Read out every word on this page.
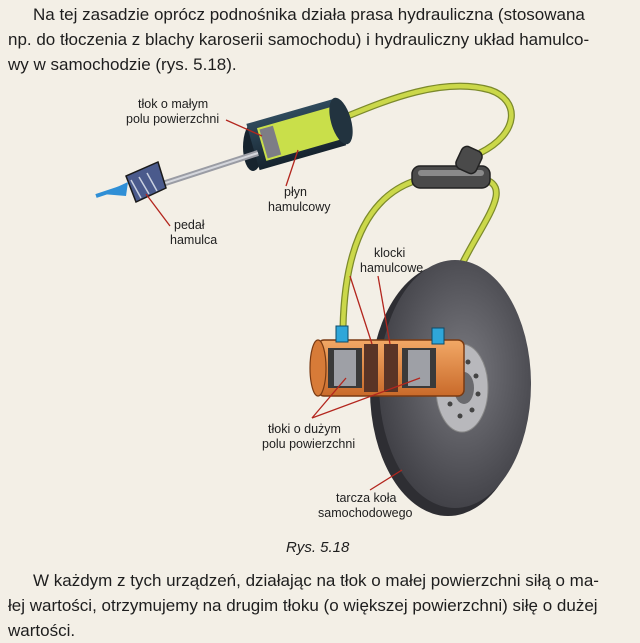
Na tej zasadzie oprócz podnośnika działa prasa hydrauliczna (stosowana
np. do tłoczenia z blachy karoserii samochodu) i hydrauliczny układ hamulco-
wy w samochodzie (rys. 5.18).

tłok o małym
polu powierzchni
płyn
hamulcowy
pedał
hamulca
klocki
hamulcowe
tłoki o dużym
polu powierzchni
tarcza koła
samochodowego
Rys. 5.18

W każdym z tych urządzeń, działając na tłok o małej powierzchni siłą o ma-
łej wartości, otrzymujemy na drugim tłoku (o większej powierzchni) siłę o dużej
wartości.
